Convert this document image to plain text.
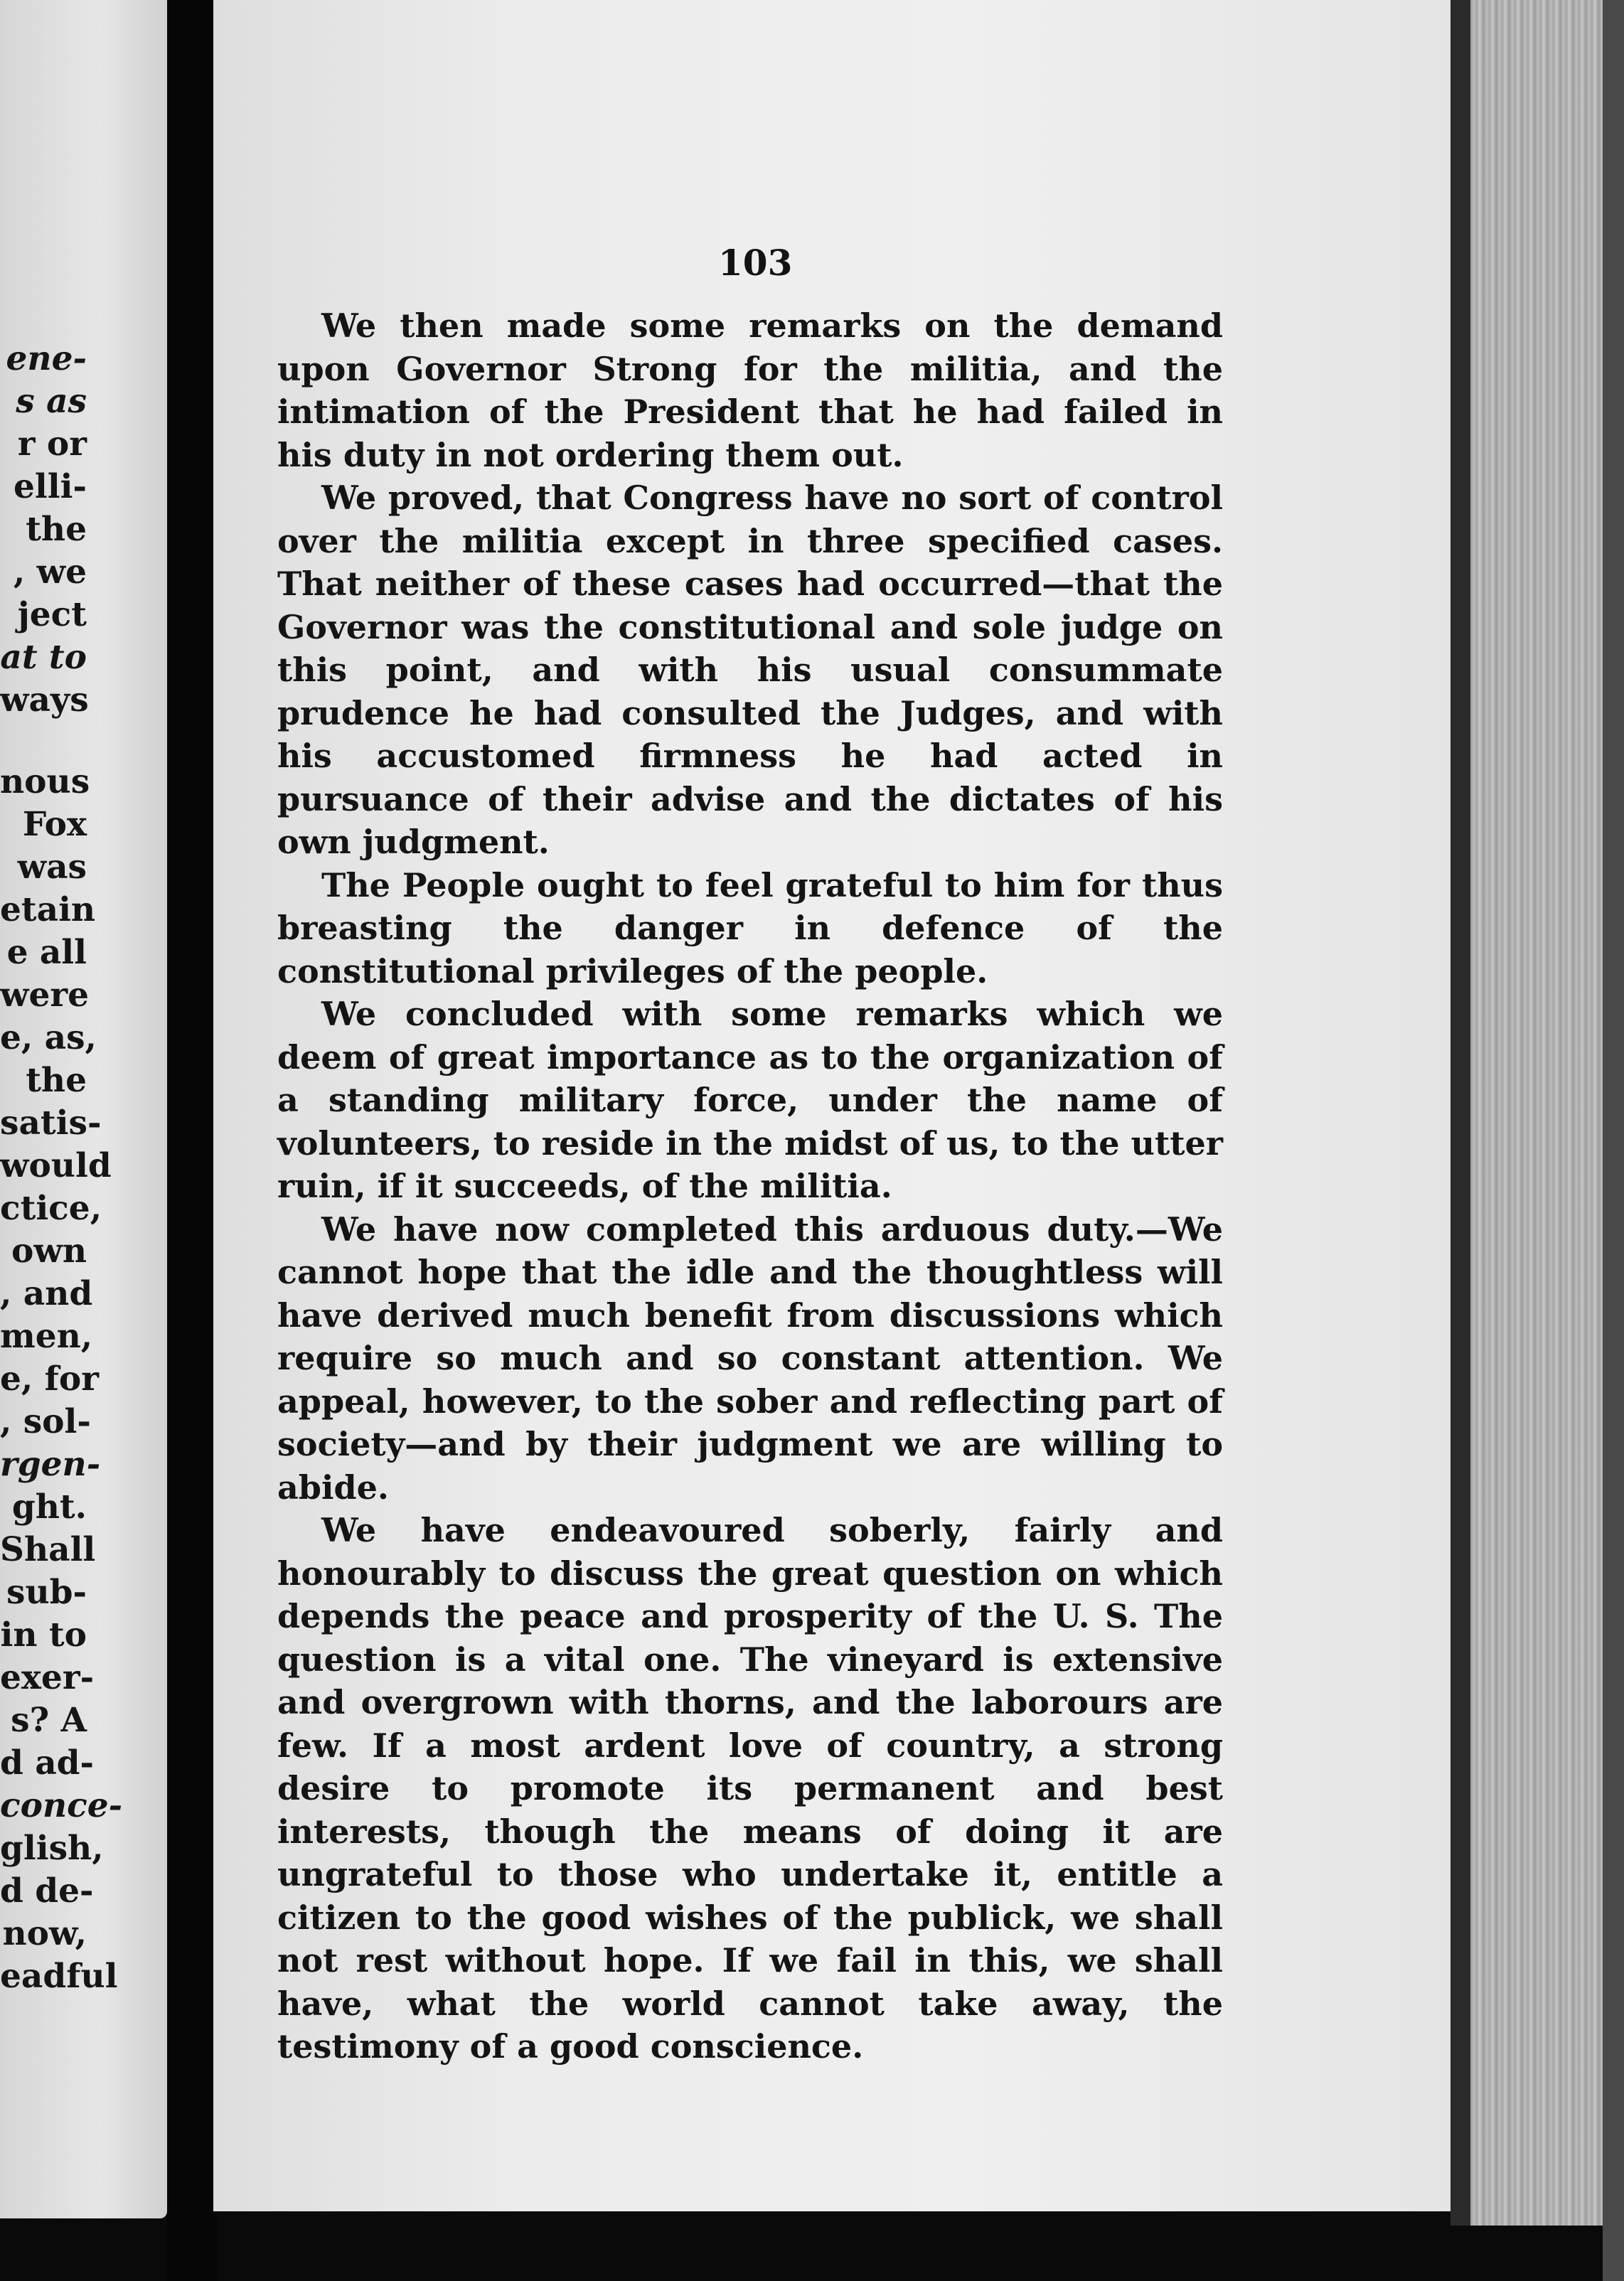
ene-
s as
r or
elli-
the
, we
ject
at to
ways
nous
Fox
was
etain
e all
were
e, as,
the
satis-
would
ctice,
own
, and
men,
e, for
, sol-
rgen-
ght.
Shall
sub-
in to
exer-
s? A
d ad-
conce-
glish,
d de-
now,
eadful
103

We then made some remarks on the demand upon Governor Strong for the militia, and the intimation of the President that he had failed in his duty in not ordering them out.

We proved, that Congress have no sort of control over the militia except in three specified cases. That neither of these cases had occurred—that the Governor was the constitutional and sole judge on this point, and with his usual consummate prudence he had consulted the Judges, and with his accustomed firmness he had acted in pursuance of their advise and the dictates of his own judgment.

The People ought to feel grateful to him for thus breasting the danger in defence of the constitutional privileges of the people.

We concluded with some remarks which we deem of great importance as to the organization of a standing military force, under the name of volunteers, to reside in the midst of us, to the utter ruin, if it succeeds, of the militia.

We have now completed this arduous duty.—We cannot hope that the idle and the thoughtless will have derived much benefit from discussions which require so much and so constant attention. We appeal, however, to the sober and reflecting part of society—and by their judgment we are willing to abide.

We have endeavoured soberly, fairly and honourably to discuss the great question on which depends the peace and prosperity of the U. S. The question is a vital one. The vineyard is extensive and overgrown with thorns, and the laborours are few. If a most ardent love of country, a strong desire to promote its permanent and best interests, though the means of doing it are ungrateful to those who undertake it, entitle a citizen to the good wishes of the publick, we shall not rest without hope. If we fail in this, we shall have, what the world cannot take away, the testimony of a good conscience.
